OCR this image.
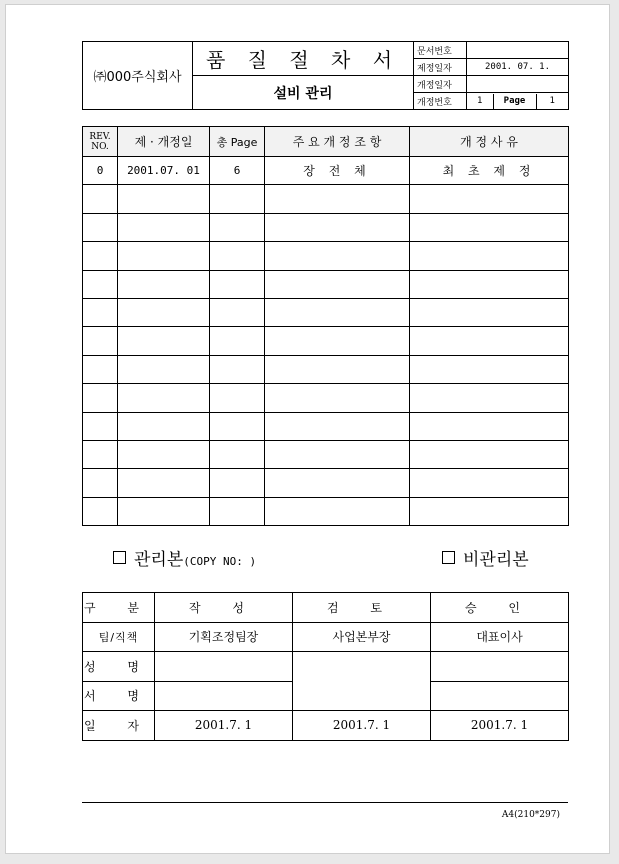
㈜000주식회사	품 질 절 차 서	문서번호	
제정일자	2001. 07. 1.
설비 관리	개정일자	
개정번호		1	Page	1
REV. NO.	제 · 개정일	총 Page	주 요 개 정 조 항	개 정 사 유
0	2001.07. 01	6	장 전 체	최 초 제 정

관리본(COPY NO: )	비관리본
구 분	작 성	검 토	승 인
팀/직책	기획조정팀장	사업본부장	대표이사
성 명			
서 명			
일 자	2001.7. 1	2001.7. 1	2001.7. 1
A4(210*297)
